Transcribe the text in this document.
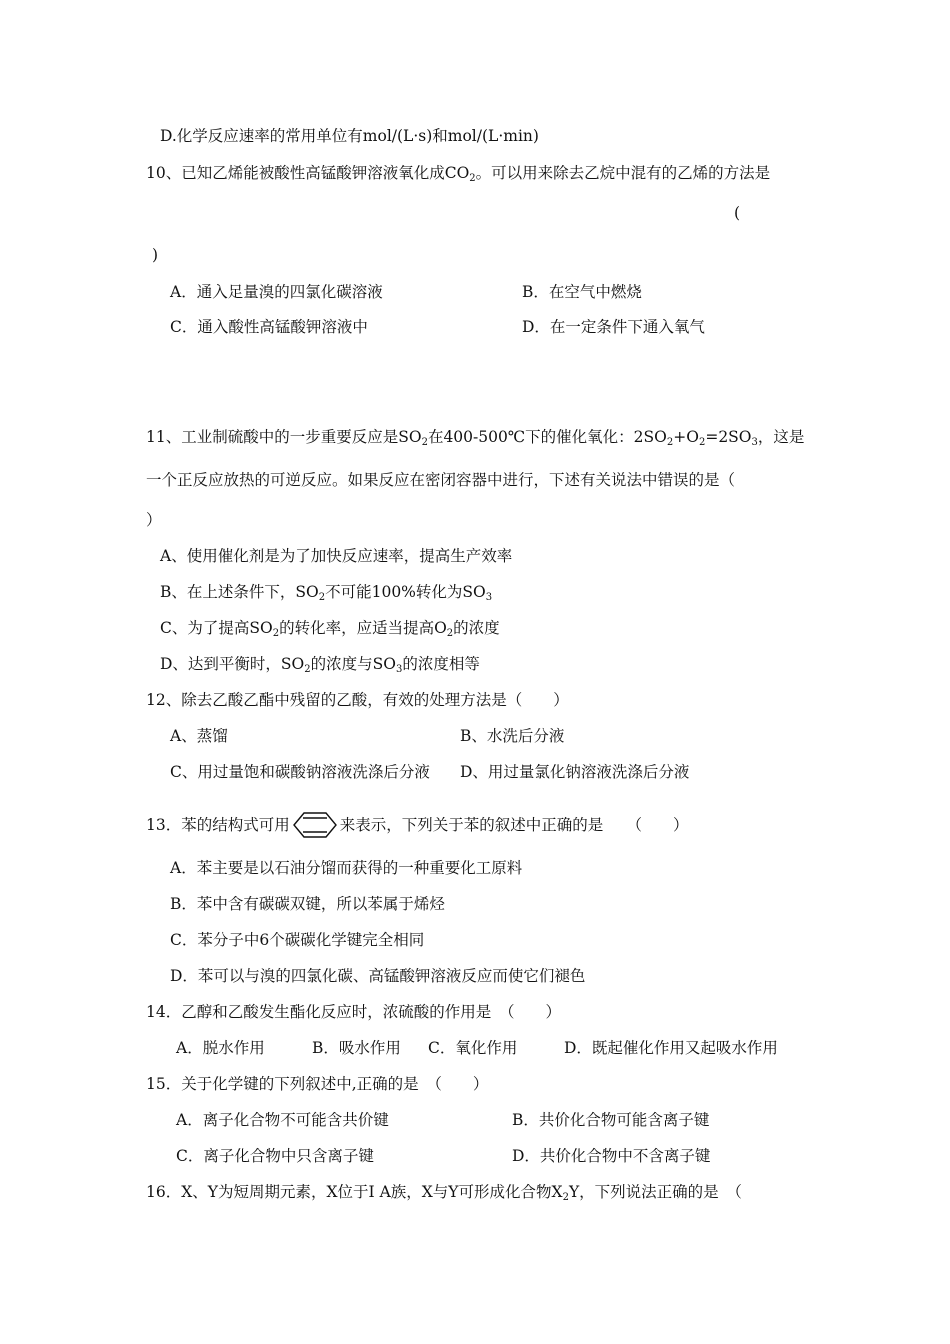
D.化学反应速率的常用单位有mol/(L·s)和mol/(L·min)
10、已知乙烯能被酸性高锰酸钾溶液氧化成$CO_2$。可以用来除去乙烷中混有的乙烯的方法是
(
)
A．通入足量溴的四氯化碳溶液	B．在空气中燃烧
C．通入酸性高锰酸钾溶液中	D．在一定条件下通入氧气
11、工业制硫酸中的一步重要反应是$SO_2$在400-500℃下的催化氧化：$2SO_2+O_2=2SO_3$，这是
一个正反应放热的可逆反应。如果反应在密闭容器中进行，下述有关说法中错误的是（
）
A、使用催化剂是为了加快反应速率，提高生产效率
B、在上述条件下，$SO_2$不可能100%转化为$SO_3$
C、为了提高$SO_2$的转化率，应适当提高$O_2$的浓度
D、达到平衡时，$SO_2$的浓度与$SO_3$的浓度相等
12、除去乙酸乙酯中残留的乙酸，有效的处理方法是（　　）
A、蒸馏	B、水洗后分液
C、用过量饱和碳酸钠溶液洗涤后分液 D、用过量氯化钠溶液洗涤后分液
13．苯的结构式可用	来表示，下列关于苯的叙述中正确的是　　（　　）
A．苯主要是以石油分馏而获得的一种重要化工原料
B．苯中含有碳碳双键，所以苯属于烯烃
C．苯分子中6个碳碳化学键完全相同
D．苯可以与溴的四氯化碳、高锰酸钾溶液反应而使它们褪色
14．乙醇和乙酸发生酯化反应时，浓硫酸的作用是　（　　）
A．脱水作用	B．吸水作用 C．氧化作用	D．既起催化作用又起吸水作用
15．关于化学键的下列叙述中,正确的是　（　　）
A．离子化合物不可能含共价键	B．共价化合物可能含离子键
C．离子化合物中只含离子键	D．共价化合物中不含离子键
16．X、Y为短周期元素，X位于I A族，X与Y可形成化合物$X_2Y$，下列说法正确的是　（
